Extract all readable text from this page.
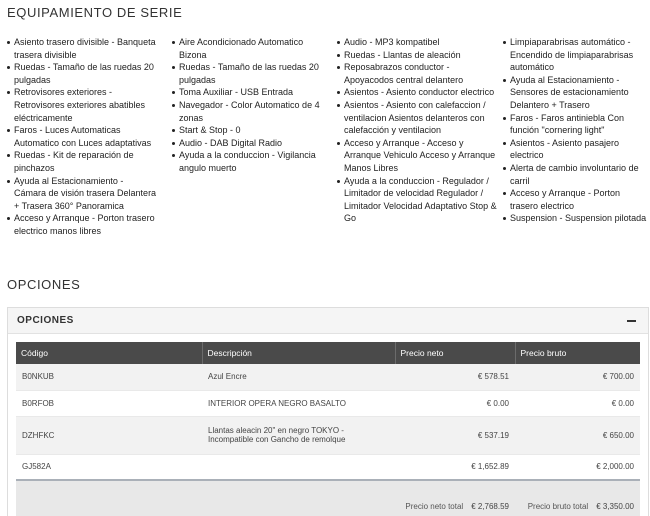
EQUIPAMIENTO DE SERIE
Asiento trasero divisible - Banqueta trasera divisible
Ruedas - Tamaño de las ruedas 20 pulgadas
Retrovisores exteriores - Retrovisores exteriores abatibles eléctricamente
Faros - Luces Automaticas Automatico con Luces adaptativas
Ruedas - Kit de reparación de pinchazos
Ayuda al Estacionamiento - Cámara de visión trasera Delantera + Trasera 360° Panoramica
Acceso y Arranque - Porton trasero electrico manos libres
Aire Acondicionado Automatico Bizona
Ruedas - Tamaño de las ruedas 20 pulgadas
Toma Auxiliar - USB Entrada
Navegador - Color Automatico de 4 zonas
Start & Stop - 0
Audio - DAB Digital Radio
Ayuda a la conduccion - Vigilancia angulo muerto
Audio - MP3 kompatibel
Ruedas - Llantas de aleación
Reposabrazos conductor - Apoyacodos central delantero
Asientos - Asiento conductor electrico
Asientos - Asiento con calefaccion / ventilacion Asientos delanteros con calefacción y ventilacion
Acceso y Arranque - Acceso y Arranque Vehiculo Acceso y Arranque Manos Libres
Ayuda a la conduccion - Regulador / Limitador de velocidad Regulador / Limitador Velocidad Adaptativo Stop & Go
Limpiaparabrisas automático - Encendido de limpiaparabrisas automático
Ayuda al Estacionamiento - Sensores de estacionamiento Delantero + Trasero
Faros - Faros antiniebla Con función "cornering light"
Asientos - Asiento pasajero electrico
Alerta de cambio involuntario de carril
Acceso y Arranque - Porton trasero electrico
Suspension - Suspension pilotada
OPCIONES
OPCIONES
Código	Descripción	Precio neto	Precio bruto
B0NKUB	Azul Encre	€ 578.51	€ 700.00
B0RFOB	INTERIOR OPERA NEGRO BASALTO	€ 0.00	€ 0.00
DZHFKC	Llantas aleacin 20" en negro TOKYO - Incompatible con Gancho de remolque	€ 537.19	€ 650.00
GJ582A		€ 1,652.89	€ 2,000.00
		Precio neto total € 2,768.59	Precio bruto total € 3,350.00
